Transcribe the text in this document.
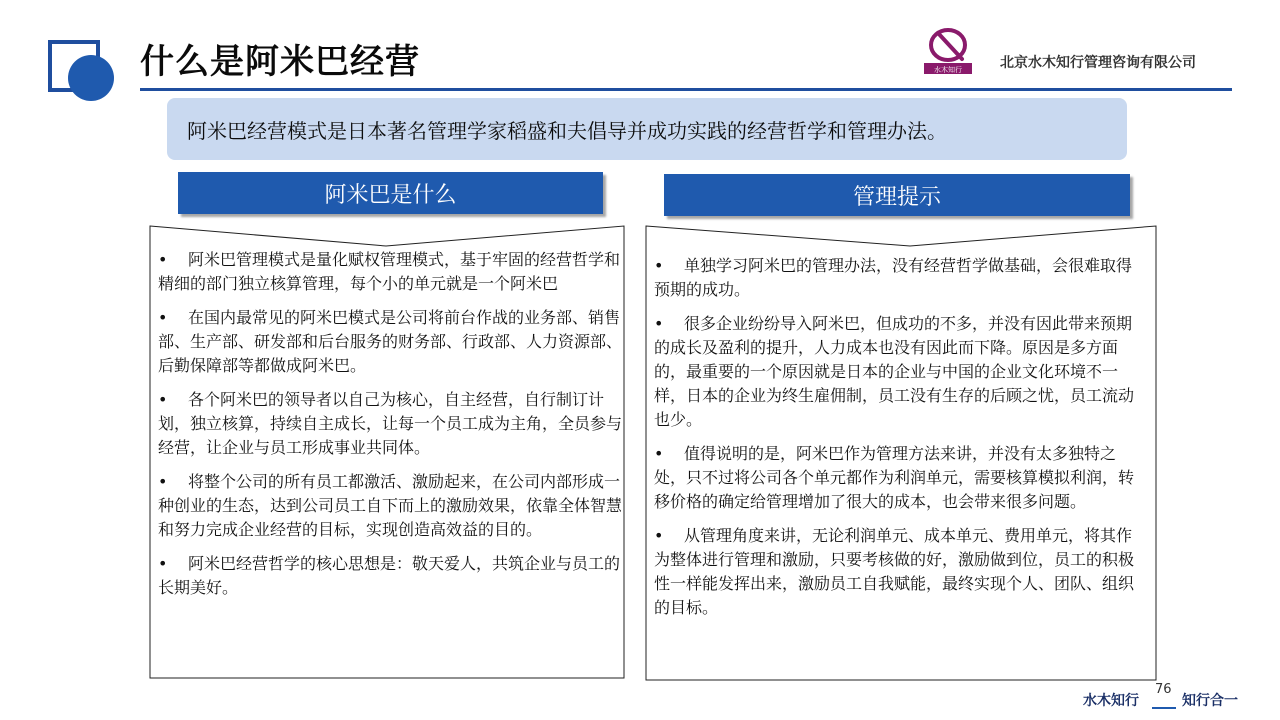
什么是阿米巴经营	水木知行	北京水木知行管理咨询有限公司
阿米巴经营模式是日本著名管理学家稻盛和夫倡导并成功实践的经营哲学和管理办法。
阿米巴是什么	管理提示
• 阿米巴管理模式是量化赋权管理模式，基于牢固的经营哲学和精细的部门独立核算管理，每个小的单元就是一个阿米巴
• 在国内最常见的阿米巴模式是公司将前台作战的业务部、销售部、生产部、研发部和后台服务的财务部、行政部、人力资源部、后勤保障部等都做成阿米巴。
• 各个阿米巴的领导者以自己为核心，自主经营，自行制订计划，独立核算，持续自主成长，让每一个员工成为主角，全员参与经营，让企业与员工形成事业共同体。
• 将整个公司的所有员工都激活、激励起来，在公司内部形成一种创业的生态，达到公司员工自下而上的激励效果，依靠全体智慧和努力完成企业经营的目标，实现创造高效益的目的。
• 阿米巴经营哲学的核心思想是：敬天爱人，共筑企业与员工的长期美好。
• 单独学习阿米巴的管理办法，没有经营哲学做基础，会很难取得预期的成功。
• 很多企业纷纷导入阿米巴，但成功的不多，并没有因此带来预期的成长及盈利的提升，人力成本也没有因此而下降。原因是多方面的，最重要的一个原因就是日本的企业与中国的企业文化环境不一样，日本的企业为终生雇佣制，员工没有生存的后顾之忧，员工流动也少。
• 值得说明的是，阿米巴作为管理方法来讲，并没有太多独特之处，只不过将公司各个单元都作为利润单元，需要核算模拟利润，转移价格的确定给管理增加了很大的成本，也会带来很多问题。
• 从管理角度来讲，无论利润单元、成本单元、费用单元，将其作为整体进行管理和激励，只要考核做的好，激励做到位，员工的积极性一样能发挥出来，激励员工自我赋能，最终实现个人、团队、组织的目标。
水木知行
76
知行合一
